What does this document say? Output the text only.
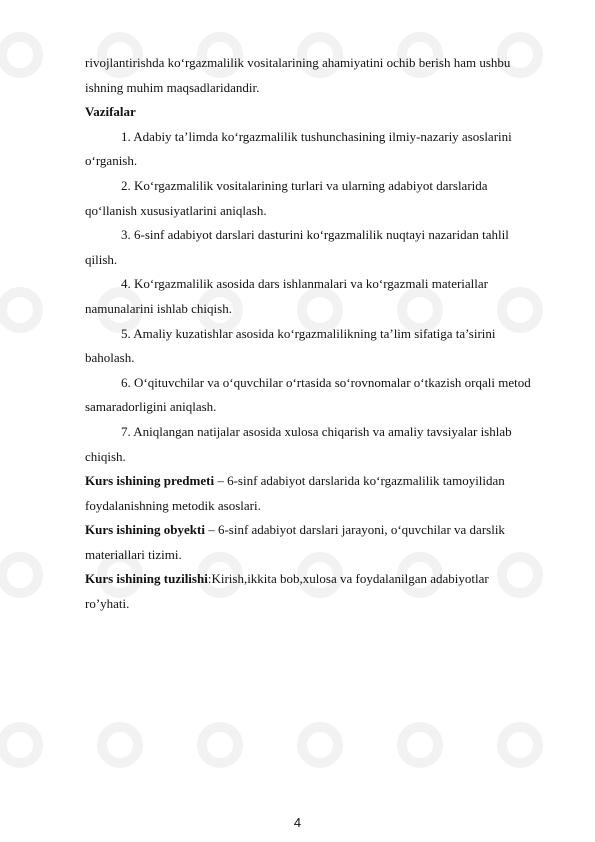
rivojlantirishda ko‘rgazmalilik vositalarining ahamiyatini ochib berish ham ushbu
ishning muhim maqsadlaridandir.
Vazifalar
1. Adabiy ta’limda ko‘rgazmalilik tushunchasining ilmiy-nazariy asoslarini
o‘rganish.
2. Ko‘rgazmalilik vositalarining turlari va ularning adabiyot darslarida
qo‘llanish xususiyatlarini aniqlash.
3. 6-sinf adabiyot darslari dasturini ko‘rgazmalilik nuqtayi nazaridan tahlil
qilish.
4. Ko‘rgazmalilik asosida dars ishlanmalari va ko‘rgazmali materiallar
namunalarini ishlab chiqish.
5. Amaliy kuzatishlar asosida ko‘rgazmalilikning ta’lim sifatiga ta’sirini
baholash.
6. O‘qituvchilar va o‘quvchilar o‘rtasida so‘rovnomalar o‘tkazish orqali metod
samaradorligini aniqlash.
7. Aniqlangan natijalar asosida xulosa chiqarish va amaliy tavsiyalar ishlab
chiqish.
Kurs ishining predmeti – 6-sinf adabiyot darslarida ko‘rgazmalilik tamoyilidan
foydalanishning metodik asoslari.
Kurs ishining obyekti – 6-sinf adabiyot darslari jarayoni, o‘quvchilar va darslik
materiallari tizimi.
Kurs ishining tuzilishi:Kirish,ikkita bob,xulosa va foydalanilgan adabiyotlar
ro’yhati.
4
